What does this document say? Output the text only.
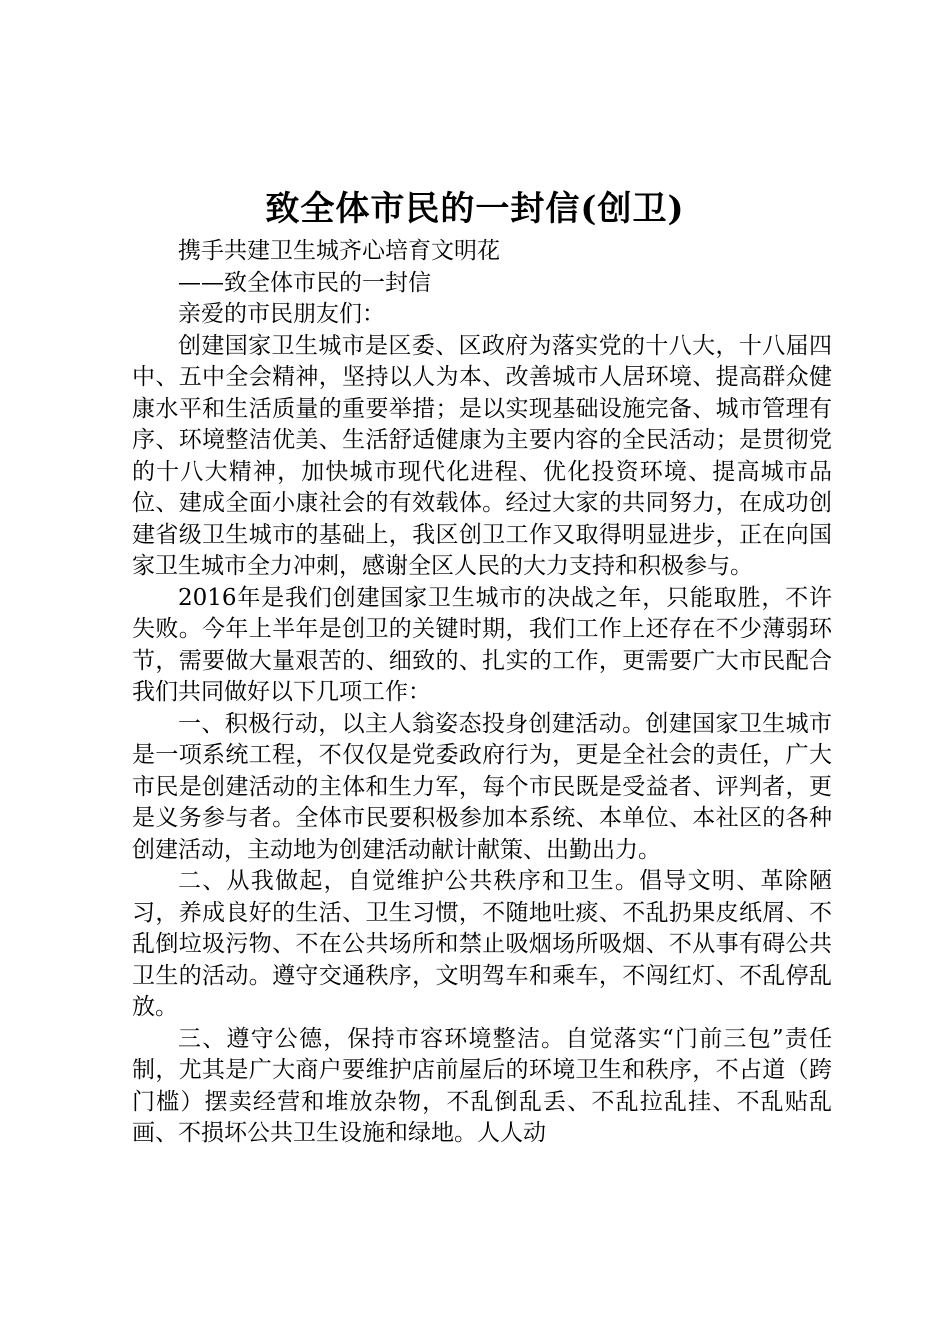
致全体市民的一封信(创卫)

携手共建卫生城齐心培育文明花

——致全体市民的一封信

亲爱的市民朋友们：

创建国家卫生城市是区委、区政府为落实党的十八大，十八届四中、五中全会精神，坚持以人为本、改善城市人居环境、提高群众健康水平和生活质量的重要举措；是以实现基础设施完备、城市管理有序、环境整洁优美、生活舒适健康为主要内容的全民活动；是贯彻党的十八大精神，加快城市现代化进程、优化投资环境、提高城市品位、建成全面小康社会的有效载体。经过大家的共同努力，在成功创建省级卫生城市的基础上，我区创卫工作又取得明显进步，正在向国家卫生城市全力冲刺，感谢全区人民的大力支持和积极参与。

2016年是我们创建国家卫生城市的决战之年，只能取胜，不许失败。今年上半年是创卫的关键时期，我们工作上还存在不少薄弱环节，需要做大量艰苦的、细致的、扎实的工作，更需要广大市民配合我们共同做好以下几项工作：

一、积极行动，以主人翁姿态投身创建活动。创建国家卫生城市是一项系统工程，不仅仅是党委政府行为，更是全社会的责任，广大市民是创建活动的主体和生力军，每个市民既是受益者、评判者，更是义务参与者。全体市民要积极参加本系统、本单位、本社区的各种创建活动，主动地为创建活动献计献策、出勤出力。

二、从我做起，自觉维护公共秩序和卫生。倡导文明、革除陋习，养成良好的生活、卫生习惯，不随地吐痰、不乱扔果皮纸屑、不乱倒垃圾污物、不在公共场所和禁止吸烟场所吸烟、不从事有碍公共卫生的活动。遵守交通秩序，文明驾车和乘车，不闯红灯、不乱停乱放。

三、遵守公德，保持市容环境整洁。自觉落实“门前三包”责任制，尤其是广大商户要维护店前屋后的环境卫生和秩序，不占道（跨门槛）摆卖经营和堆放杂物，不乱倒乱丢、不乱拉乱挂、不乱贴乱画、不损坏公共卫生设施和绿地。人人动
